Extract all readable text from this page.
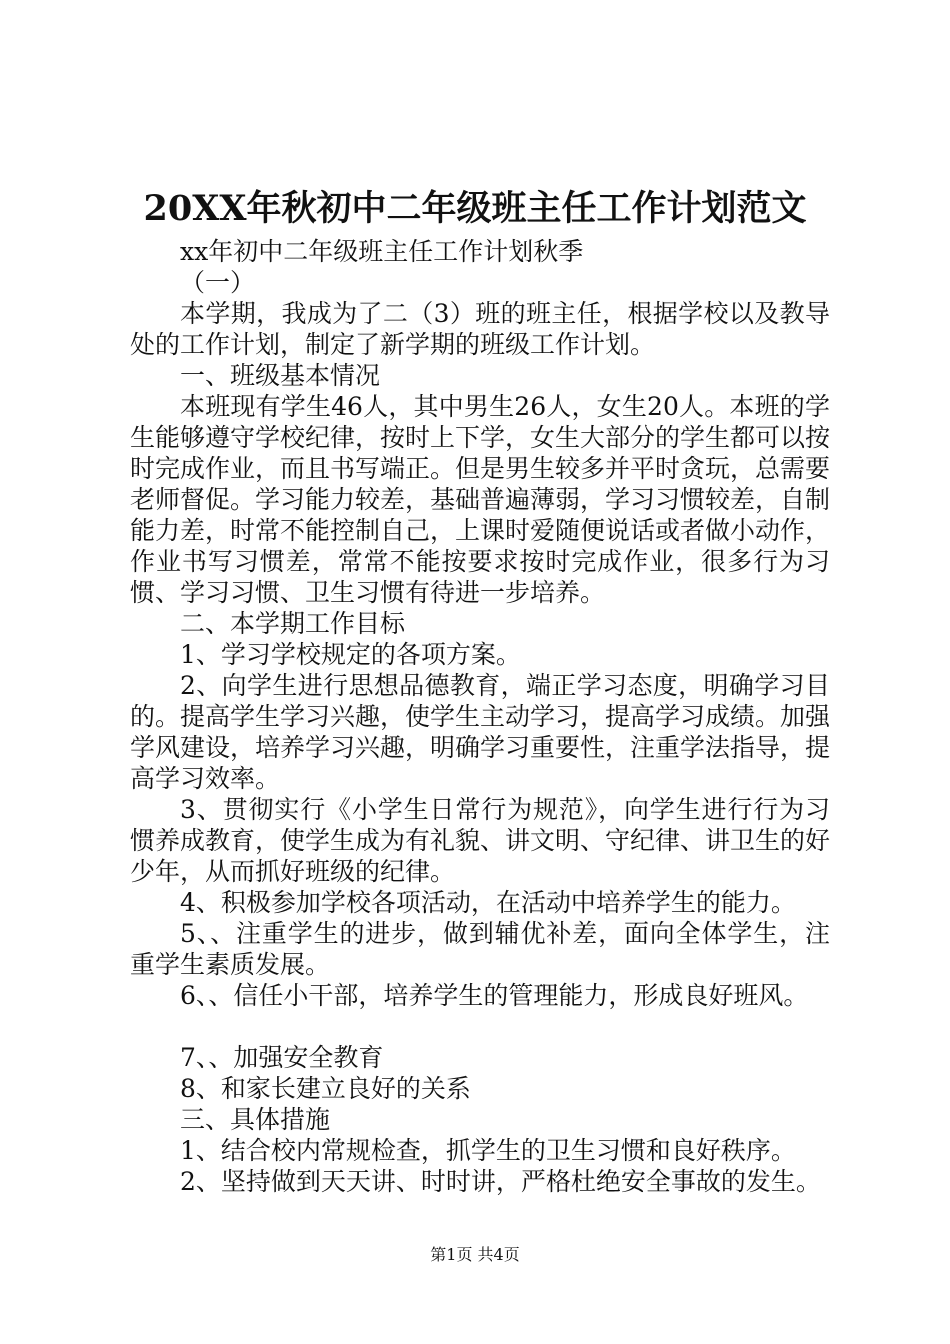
20XX年秋初中二年级班主任工作计划范文

xx年初中二年级班主任工作计划秋季

（一）

本学期，我成为了二（3）班的班主任，根据学校以及教导处的工作计划，制定了新学期的班级工作计划。

一、班级基本情况

本班现有学生46人，其中男生26人，女生20人。本班的学生能够遵守学校纪律，按时上下学，女生大部分的学生都可以按时完成作业，而且书写端正。但是男生较多并平时贪玩，总需要老师督促。学习能力较差，基础普遍薄弱，学习习惯较差，自制能力差，时常不能控制自己，上课时爱随便说话或者做小动作，作业书写习惯差，常常不能按要求按时完成作业，很多行为习惯、学习习惯、卫生习惯有待进一步培养。

二、本学期工作目标

1、学习学校规定的各项方案。

2、向学生进行思想品德教育，端正学习态度，明确学习目的。提高学生学习兴趣，使学生主动学习，提高学习成绩。加强学风建设，培养学习兴趣，明确学习重要性，注重学法指导，提高学习效率。

3、贯彻实行《小学生日常行为规范》，向学生进行行为习惯养成教育，使学生成为有礼貌、讲文明、守纪律、讲卫生的好少年，从而抓好班级的纪律。

4、积极参加学校各项活动，在活动中培养学生的能力。

5、、注重学生的进步，做到辅优补差，面向全体学生，注重学生素质发展。

6、、信任小干部，培养学生的管理能力，形成良好班风。

7、、加强安全教育

8、和家长建立良好的关系

三、具体措施

1、结合校内常规检查，抓学生的卫生习惯和良好秩序。

2、坚持做到天天讲、时时讲，严格杜绝安全事故的发生。

第1页 共4页
